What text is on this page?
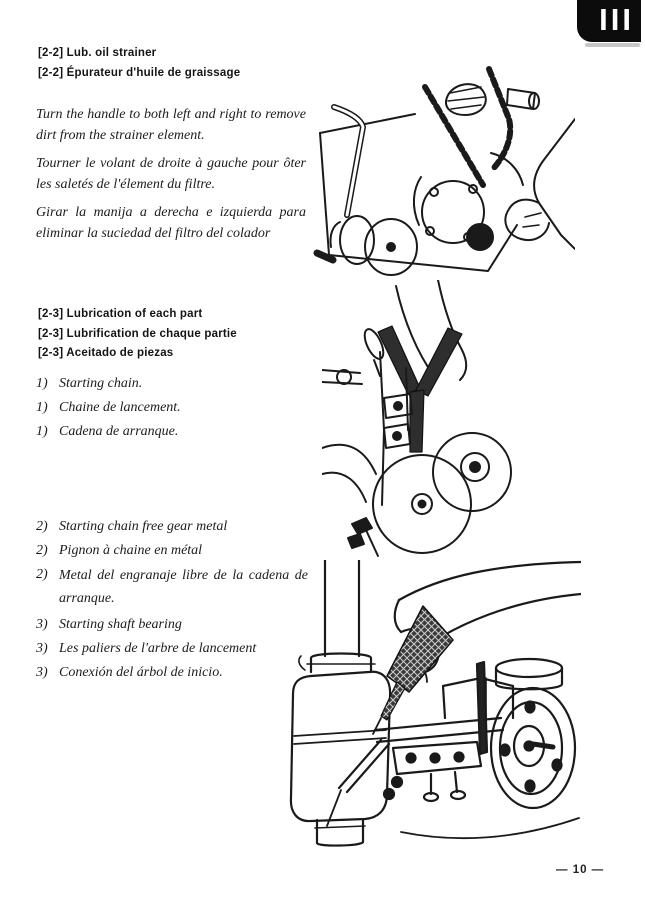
III
[2-2] Lub. oil strainer
[2-2] Épurateur d'huile de graissage

Turn the handle to both left and right to remove dirt from the strainer element.

Tourner le volant de droite à gauche pour ôter les saletés de l'élement du filtre.

Girar la manija a derecha e izquierda para eliminar la suciedad del filtro del colador

[2-3] Lubrication of each part
[2-3] Lubrification de chaque partie
[2-3] Aceitado de piezas
1) Starting chain.
1) Chaine de lancement.
1) Cadena de arranque.
2) Starting chain free gear metal
2) Pignon à chaine en métal
2) Metal del engranaje libre de la cadena de arranque.
3) Starting shaft bearing
3) Les paliers de l'arbre de lancement
3) Conexión del árbol de inicio.
— 10 —
